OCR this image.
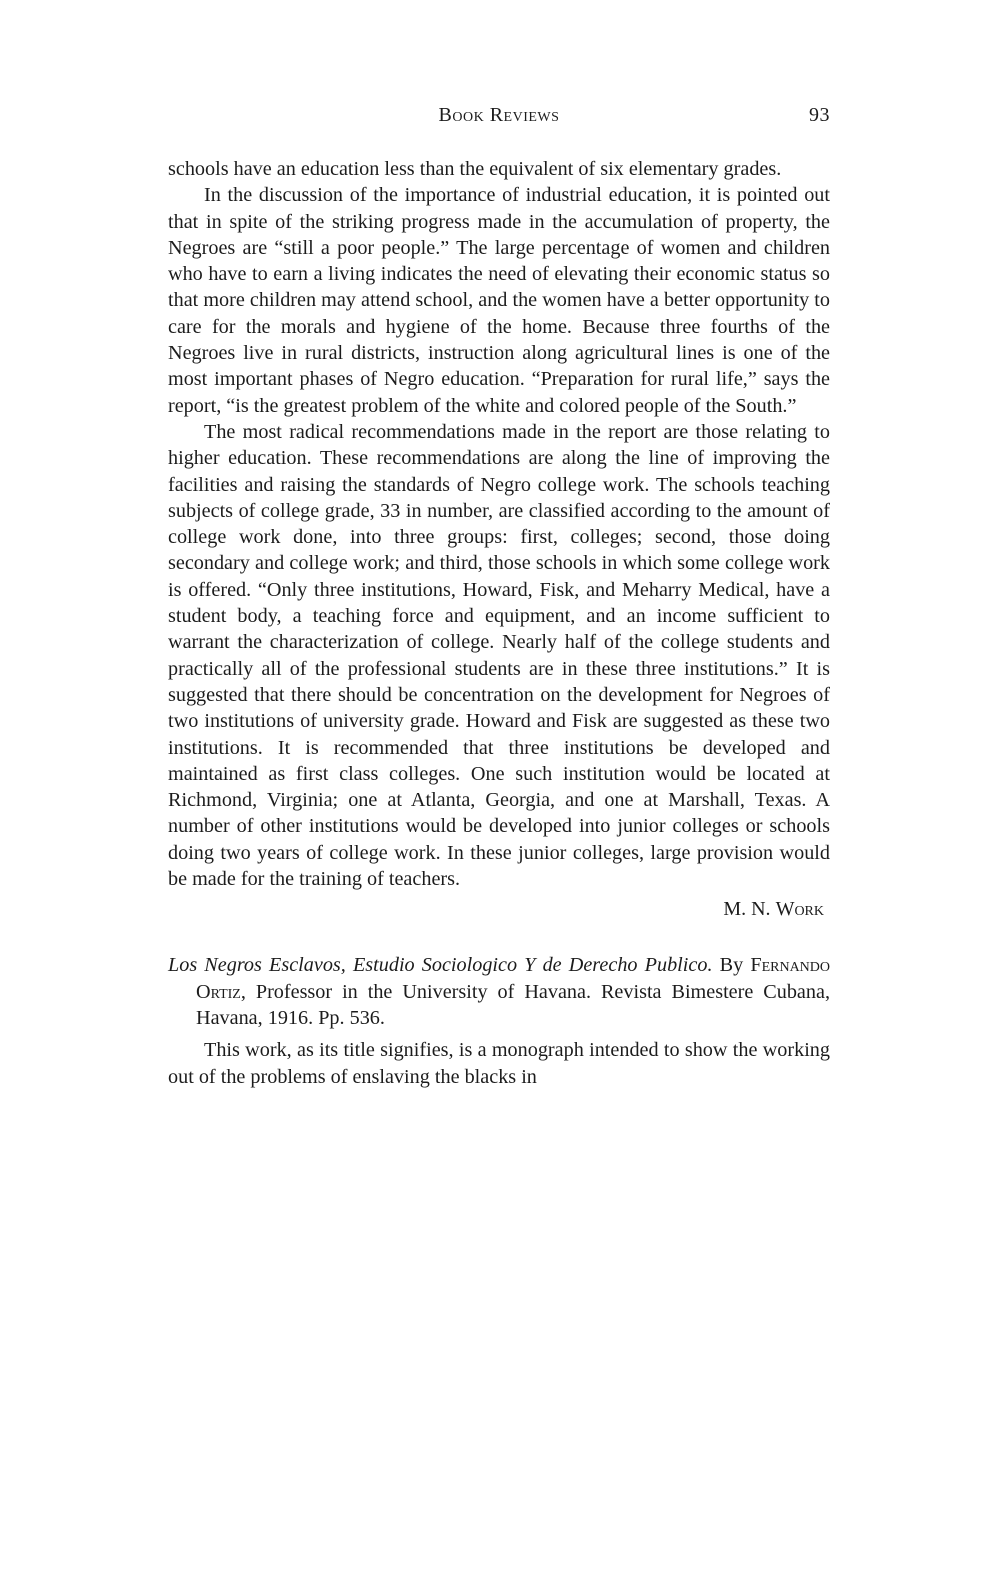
Book Reviews	93

schools have an education less than the equivalent of six elementary grades.

In the discussion of the importance of industrial education, it is pointed out that in spite of the striking progress made in the accumulation of property, the Negroes are “still a poor people.” The large percentage of women and children who have to earn a living indicates the need of elevating their economic status so that more children may attend school, and the women have a better opportunity to care for the morals and hygiene of the home. Because three fourths of the Negroes live in rural districts, instruction along agricultural lines is one of the most important phases of Negro education. “Preparation for rural life,” says the report, “is the greatest problem of the white and colored people of the South.”

The most radical recommendations made in the report are those relating to higher education. These recommendations are along the line of improving the facilities and raising the standards of Negro college work. The schools teaching subjects of college grade, 33 in number, are classified according to the amount of college work done, into three groups: first, colleges; second, those doing secondary and college work; and third, those schools in which some college work is offered. “Only three institutions, Howard, Fisk, and Meharry Medical, have a student body, a teaching force and equipment, and an income sufficient to warrant the characterization of college. Nearly half of the college students and practically all of the professional students are in these three institutions.” It is suggested that there should be concentration on the development for Negroes of two institutions of university grade. Howard and Fisk are suggested as these two institutions. It is recommended that three institutions be developed and maintained as first class colleges. One such institution would be located at Richmond, Virginia; one at Atlanta, Georgia, and one at Marshall, Texas. A number of other institutions would be developed into junior colleges or schools doing two years of college work. In these junior colleges, large provision would be made for the training of teachers.

M. N. Work

Los Negros Esclavos, Estudio Sociologico Y de Derecho Publico. By Fernando Ortiz, Professor in the University of Havana. Revista Bimestere Cubana, Havana, 1916. Pp. 536.

This work, as its title signifies, is a monograph intended to show the working out of the problems of enslaving the blacks in
